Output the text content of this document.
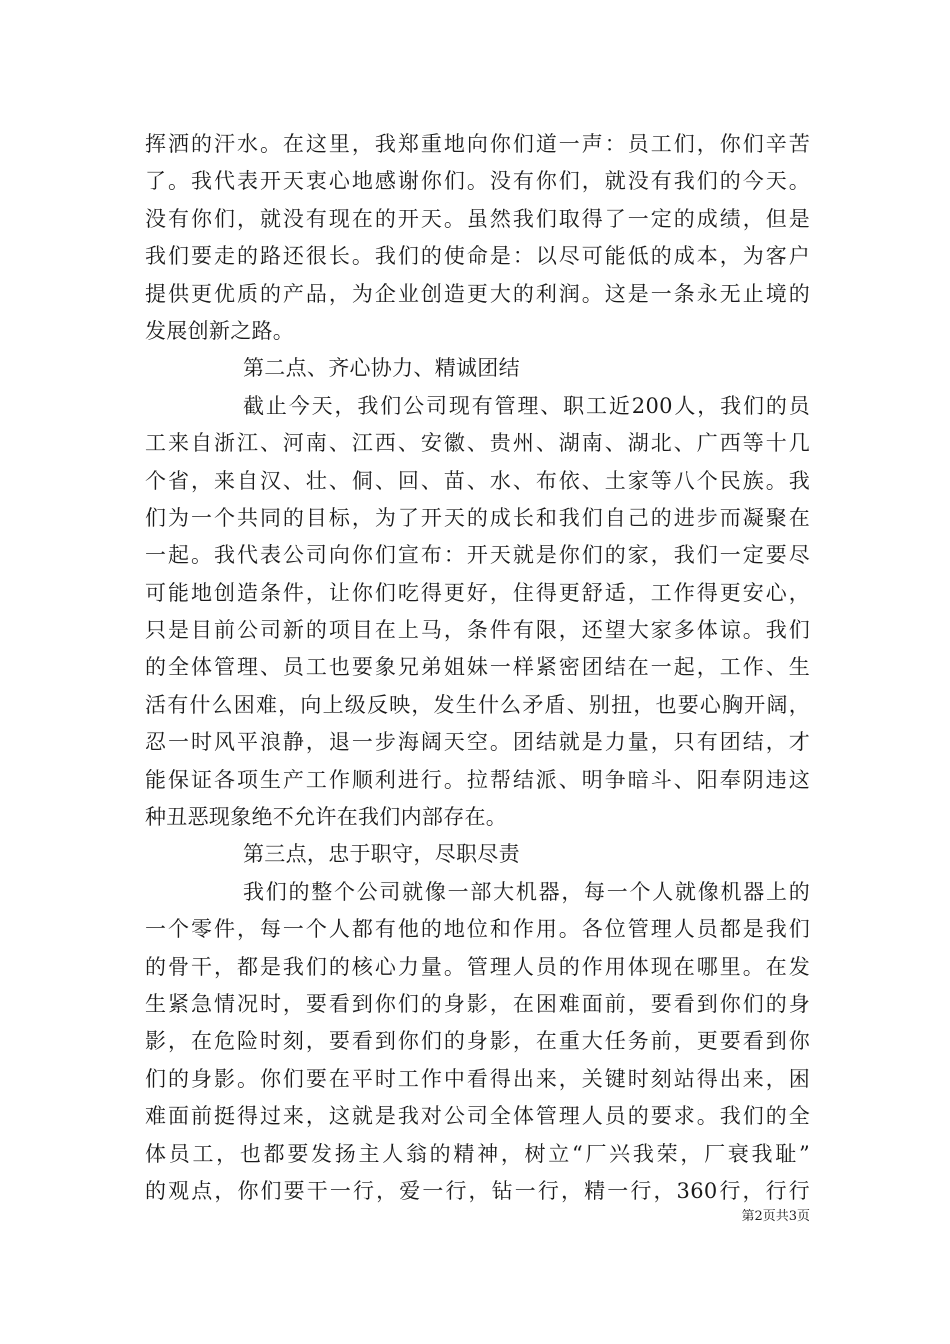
挥洒的汗水。在这里，我郑重地向你们道一声：员工们，你们辛苦
了。我代表开天衷心地感谢你们。没有你们，就没有我们的今天。
没有你们，就没有现在的开天。虽然我们取得了一定的成绩，但是
我们要走的路还很长。我们的使命是：以尽可能低的成本，为客户
提供更优质的产品，为企业创造更大的利润。这是一条永无止境的
发展创新之路。
第二点、齐心协力、精诚团结
截止今天，我们公司现有管理、职工近200人，我们的员
工来自浙江、河南、江西、安徽、贵州、湖南、湖北、广西等十几
个省，来自汉、壮、侗、回、苗、水、布依、土家等八个民族。我
们为一个共同的目标，为了开天的成长和我们自己的进步而凝聚在
一起。我代表公司向你们宣布：开天就是你们的家，我们一定要尽
可能地创造条件，让你们吃得更好，住得更舒适，工作得更安心，
只是目前公司新的项目在上马，条件有限，还望大家多体谅。我们
的全体管理、员工也要象兄弟姐妹一样紧密团结在一起，工作、生
活有什么困难，向上级反映，发生什么矛盾、别扭，也要心胸开阔，
忍一时风平浪静，退一步海阔天空。团结就是力量，只有团结，才
能保证各项生产工作顺利进行。拉帮结派、明争暗斗、阳奉阴违这
种丑恶现象绝不允许在我们内部存在。
第三点，忠于职守，尽职尽责
我们的整个公司就像一部大机器，每一个人就像机器上的
一个零件，每一个人都有他的地位和作用。各位管理人员都是我们
的骨干，都是我们的核心力量。管理人员的作用体现在哪里。在发
生紧急情况时，要看到你们的身影，在困难面前，要看到你们的身
影，在危险时刻，要看到你们的身影，在重大任务前，更要看到你
们的身影。你们要在平时工作中看得出来，关键时刻站得出来，困
难面前挺得过来，这就是我对公司全体管理人员的要求。我们的全
体员工，也都要发扬主人翁的精神，树立“厂兴我荣，厂衰我耻”
的观点，你们要干一行，爱一行，钻一行，精一行，360行，行行
第2页共3页
